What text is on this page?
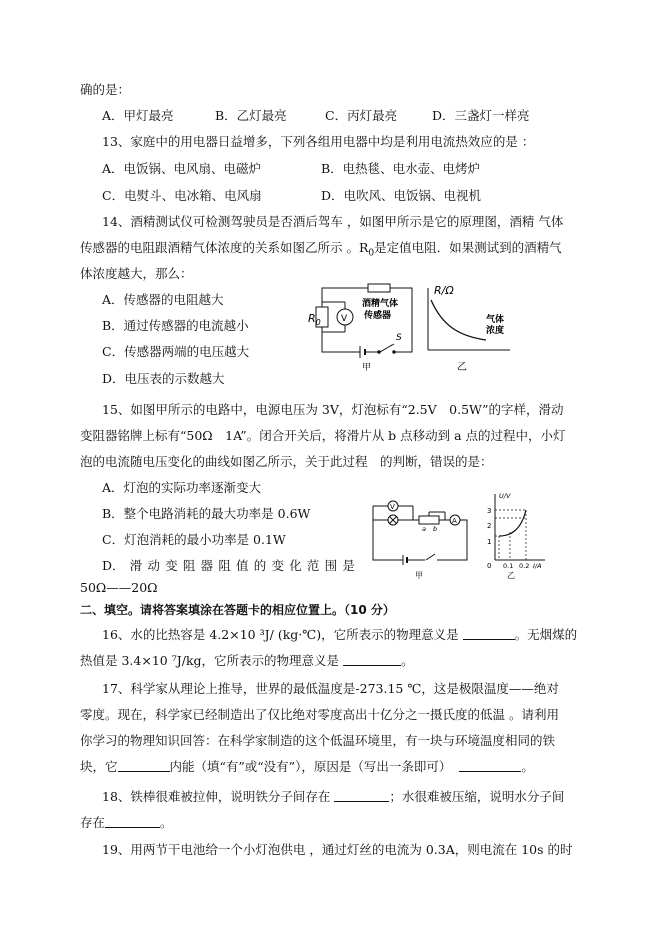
确的是：
A．甲灯最亮	B．乙灯最亮	C．丙灯最亮	D．三盏灯一样亮
13、家庭中的用电器日益增多，下列各组用电器中均是利用电流热效应的是 ：
A．电饭锅、电风扇、电磁炉	B．电热毯、电水壶、电烤炉
C．电熨斗、电冰箱、电风扇	D．电吹风、电饭锅、电视机
14、酒精测试仪可检测驾驶员是否酒后驾车 ，如图甲所示是它的原理图，酒精 气体
传感器的电阻跟酒精气体浓度的关系如图乙所示 。$R_0$是定值电阻．如果测试到的酒精气
体浓度越大，那么：
A．传感器的电阻越大
B．通过传感器的电流越小
C．传感器两端的电压越大
D．电压表的示数越大
$R_0$ V
酒精气体
传感器
S
甲
R/Ω
气体
浓度
乙
15、如图甲所示的电路中，电源电压为 3V，灯泡标有“2.5V　0.5W”的字样，滑动
变阻器铭牌上标有“50Ω　1A”。闭合开关后，将滑片从 b 点移动到 a 点的过程中，小灯
泡的电流随电压变化的曲线如图乙所示，关于此过程　的判断，错误的是：
A．灯泡的实际功率逐渐变大
B．整个电路消耗的最大功率是 0.6W
C．灯泡消耗的最小功率是 0.1W
D． 滑 动 变 阻 器 阻 值 的 变 化 范 围 是
50Ω——20Ω
V
a b
A
甲
U/V
3
2
1
0 0.1 0.2 I/A
乙
二、填空。请将答案填涂在答题卡的相应位置上。（10 分）
16、水的比热容是 4.2×10 ³J/ (kg·℃)，它所表示的物理意义是	。无烟煤的
热值是 3.4×10 ⁷J/kg，它所表示的物理意义是	。
17、科学家从理论上推导，世界的最低温度是-273.15 ℃，这是极限温度——绝对
零度。现在，科学家已经制造出了仅比绝对零度高出十亿分之一摄氏度的低温 。请利用
你学习的物理知识回答：在科学家制造的这个低温环境里，有一块与环境温度相同的铁
块，它	内能（填“有”或“没有”），原因是（写出一条即可）	。
18、铁棒很难被拉伸，说明铁分子间存在	；水很难被压缩，说明水分子间
存在	。
19、用两节干电池给一个小灯泡供电 ，通过灯丝的电流为 0.3A，则电流在 10s 的时
